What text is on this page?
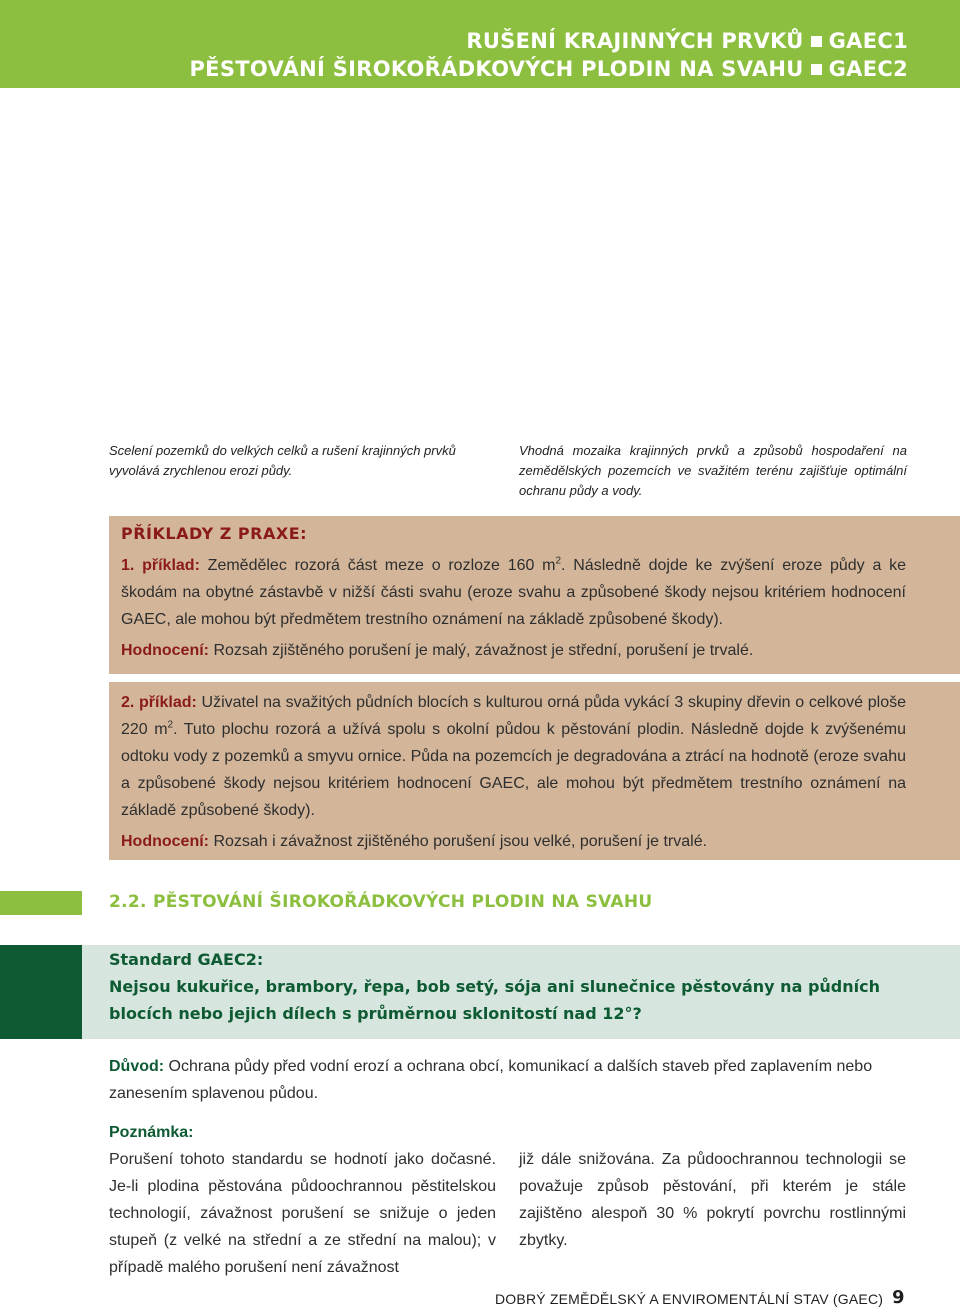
RUŠENÍ KRAJINNÝCH PRVKŮ GAEC1
PĚSTOVÁNÍ ŠIROKOŘÁDKOVÝCH PLODIN NA SVAHU GAEC2
Scelení pozemků do velkých celků a rušení krajinných prvků vyvolává zrychlenou erozi půdy.
Vhodná mozaika krajinných prvků a způsobů hospodaření na zemědělských pozemcích ve svažitém terénu zajišťuje optimální ochranu půdy a vody.
PŘÍKLADY Z PRAXE:
1. příklad: Zemědělec rozorá část meze o rozloze 160 $m^2$. Následně dojde ke zvýšení eroze půdy a ke škodám na obytné zástavbě v nižší části svahu (eroze svahu a způsobené škody nejsou kritériem hodnocení GAEC, ale mohou být předmětem trestního oznámení na základě způsobené škody).
Hodnocení: Rozsah zjištěného porušení je malý, závažnost je střední, porušení je trvalé.
2. příklad: Uživatel na svažitých půdních blocích s kulturou orná půda vykácí 3 skupiny dřevin o celkové ploše 220 $m^2$. Tuto plochu rozorá a užívá spolu s okolní půdou k pěstování plodin. Následně dojde k zvýšenému odtoku vody z pozemků a smyvu ornice. Půda na pozemcích je degradována a ztrácí na hodnotě (eroze svahu a způsobené škody nejsou kritériem hodnocení GAEC, ale mohou být předmětem trestního oznámení na základě způsobené škody).
Hodnocení: Rozsah i závažnost zjištěného porušení jsou velké, porušení je trvalé.
2.2. PĚSTOVÁNÍ ŠIROKOŘÁDKOVÝCH PLODIN NA SVAHU
Standard GAEC2:
Nejsou kukuřice, brambory, řepa, bob setý, sója ani slunečnice pěstovány na půdních blocích nebo jejich dílech s průměrnou sklonitostí nad 12°?
Důvod: Ochrana půdy před vodní erozí a ochrana obcí, komunikací a dalších staveb před zaplavením nebo zanesením splavenou půdou.
Poznámka:
Porušení tohoto standardu se hodnotí jako dočasné. Je-li plodina pěstována půdoochrannou pěstitelskou technologií, závažnost porušení se snižuje o jeden stupeň (z velké na střední a ze střední na malou); v případě malého porušení není závažnost
již dále snižována. Za půdoochrannou technologii se považuje způsob pěstování, při kterém je stále zajištěno alespoň 30 % pokrytí povrchu rostlinnými zbytky.
DOBRÝ ZEMĚDĚLSKÝ A ENVIROMENTÁLNÍ STAV (GAEC) 9
